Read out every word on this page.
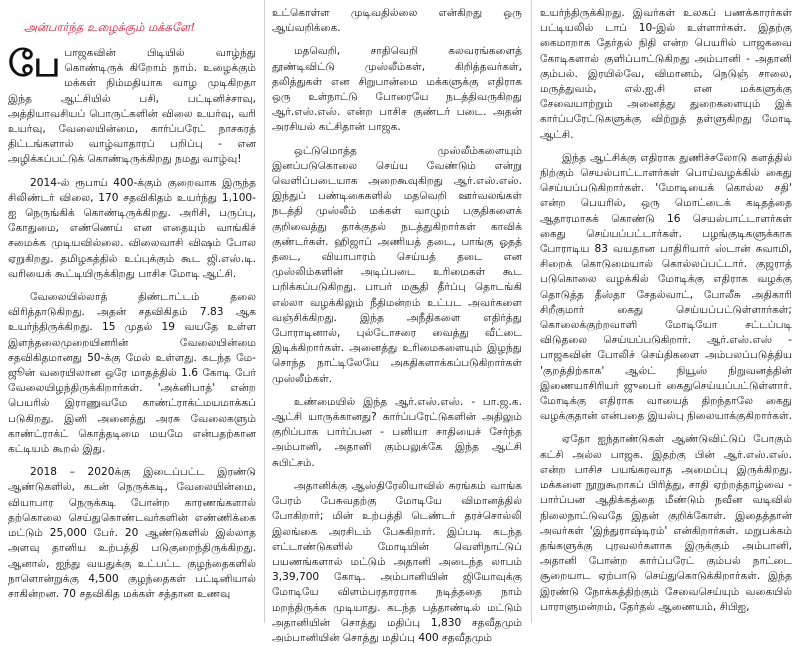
அன்பார்ந்த உழைக்கும் மக்களே!

பேபாஜகவின் பிடியில் வாழ்ந்து கொண்டிருக் கிறோம் நாம். உழைக்கும் மக்கள் நிம்மதியாக வாழ முடிகிறதா இந்த ஆட்சியில் பசி, பட்டினிச்சாவு, அத்தியாவசியப் பொருட்களின் விலை உயர்வு, வரி உயர்வு, வேலையின்மை, கார்ப்பரேட் நாசகரத் திட்டங்களால் வாழ்வாதாரப் பறிப்பு - என அழிக்கப்பட்டுக் கொண்டிருக்கிறது நமது வாழ்வு!

2014-ல் ரூபாய் 400-க்கும் குறைவாக இருந்த சிலிண்டர் விலை, 170 சதவிகிதம் உயர்ந்து 1,100-ஐ நெருங்கிக் கொண்டிருக்கிறது. அரிசி, பருப்பு, கோதுமை, எண்ணெய் என எதையும் வாங்கிச் சமைக்க முடியவில்லை. விலைவாசி விஷம் போல ஏறுகிறது. தமிழகத்தில் உப்புக்கும் கூட ஜி.எஸ்.டி. வரியைக் கூட்டியிருக்கிறது பாசிச மோடி ஆட்சி.

வேலையில்லாத் திண்டாட்டம் தலை விரித்தாடுகிறது. அதன் சதவிகிதம் 7.83 ஆக உயர்ந்திருக்கிறது. 15 முதல் 19 வயதே உள்ள இளந்தலைமுறையினரின் வேலையின்மை சதவிகிதமானது 50-க்கு மேல் உள்ளது. கடந்த மே-ஜூன் வரையிலான ஒரே மாதத்தில் 1.6 கோடி பேர் வேலையிழந்திருக்கிறார்கள். 'அக்னிபாத்' என்ற பெயரில் இராணுவமே காண்ட்ராக்ட்மயமாக்கப் படுகிறது. இனி அனைத்து அரசு வேலைகளும் காண்ட்ராக்ட் கொத்தடிமை மயமே என்பதற்கான கட்டியம் கூறல் இது.

2018 – 2020க்கு இடைப்பட்ட இரண்டு ஆண்டுகளில், கடன் நெருக்கடி, வேலையின்மை, வியாபார நெருக்கடி போன்ற காரணங்களால் தற்கொலை செய்துகொண்டவர்களின் எண்ணிக்கை மட்டும் 25,000 பேர். 20 ஆண்டுகளில் இல்லாத அளவு தானிய உற்பத்தி படுகுறைந்திருக்கிறது. ஆனால், ஐந்து வயதுக்கு உட்பட்ட குழந்தைகளில் நாளொன்றுக்கு 4,500 குழந்தைகள் பட்டினியால் சாகின்றன. 70 சதவிகித மக்கள் சத்தான உணவு

உட்கொள்ள முடிவதில்லை என்கிறது ஒரு ஆய்வறிக்கை.

மதவெறி, சாதிவெறி கலவரங்களைத் தூண்டிவிட்டு முஸ்லீம்கள், கிறித்தவர்கள், தலித்துகள் என சிறுபான்மை மக்களுக்கு எதிராக ஒரு உள்நாட்டு போரையே நடத்திவருகிறது ஆர்.எஸ்.எஸ். என்ற பாசிச குண்டர் படை. அதன் அரசியல் கட்சிதான் பாஜக.

ஒட்டுமொத்த முஸ்லீம்களையும் இனப்படுகொலை செய்ய வேண்டும் என்று வெளிப்படையாக அறைகூவுகிறது ஆர்.எஸ்.எஸ். இந்துப் பண்டிகைகளில் மதவெறி ஊர்வலங்கள் நடத்தி முஸ்லீம் மக்கள் வாழும் பகுதிகளைக் குறிவைத்து தாக்குதல் நடத்துகிறார்கள் காவிக் குண்டர்கள். ஹிஜாப் அணியத் தடை, பாங்கு ஓதத் தடை, வியாபாரம் செய்யத் தடை என முஸ்லிம்களின் அடிப்படை உரிமைகள் கூட பறிக்கப்படுகிறது. பாபர் மசூதி தீர்ப்பு தொடங்கி எல்லா வழக்கிலும் நீதிமன்றம் உட்பட அவர்களை வஞ்சிக்கிறது. இந்த அநீதிகளை எதிர்த்து போராடினால், புல்டோசரை வைத்து வீட்டை இடிக்கிறார்கள். அனைத்து உரிமைகளையும் இழந்து சொந்த நாட்டிலேயே அகதிகளாக்கப்படுகிறார்கள் முஸ்லீம்கள்.

உண்மையில் இந்த ஆர்.எஸ்.எஸ். - பா.ஜ.க. ஆட்சி யாருக்கானது? கார்ப்பரேட்டுகளின் அதிலும் குறிப்பாக பார்ப்பன - பனியா சாதியைச் சேர்ந்த அம்பானி, அதானி கும்பலுக்கே இந்த ஆட்சி சுபிட்சம்.

அதானிக்கு ஆஸ்திரேலியாவில் சுரங்கம் வாங்க பேரம் பேசுவதற்கு மோடியே விமானத்தில் போகிறார்; மின் உற்பத்தி டெண்டர் தரச்சொல்லி இலங்கை அரசிடம் பேசுகிறார். இப்படி கடந்த எட்டாண்டுகளில் மோடியின் வெளிநாட்டுப் பயணங்களால் மட்டும் அதானி அடைந்த லாபம் 3,39,700 கோடி. அம்பானியின் ஜியோவுக்கு மோடியே விளம்பரதாரராக நடித்ததை நாம் மறந்திருக்க முடியாது. கடந்த பத்தாண்டில் மட்டும் அதானியின் சொத்து மதிப்பு 1,830 சதவீதமும் அம்பானியின் சொத்து மதிப்பு 400 சதவீதமும்

உயர்ந்திருக்கிறது. இவர்கள் உலகப் பணக்காரர்கள் பட்டியலில் டாப் 10-இல் உள்ளார்கள். இதற்கு கைமாறாக தேர்தல் நிதி என்ற பெயரில் பாஜகவை கோடிகளால் குளிப்பாட்டுகிறது அம்பானி - அதானி கும்பல். இரயில்வே, விமானம், நெடுஞ் சாலை, மருத்துவம், எல்.ஐ.சி என மக்களுக்கு சேவையாற்றும் அனைத்து துறைகளையும் இக் கார்ப்பரேட்டுகளுக்கு விற்றுத் தள்ளுகிறது மோடி ஆட்சி.

இந்த ஆட்சிக்கு எதிராக துணிச்சலோடு களத்தில் நிற்கும் செயல்பாட்டாளர்கள் பொய்வழக்கில் கைது செய்யப்படுகிறார்கள். 'மோடியைக் கொல்ல சதி' என்ற பெயரில், ஒரு மொட்டைக் கடிதத்தை ஆதாரமாகக் கொண்டு 16 செயல்பாட்டாளர்கள் கைது செய்யப்பட்டார்கள். பழங்குடிகளுக்காக போராடிய 83 வயதான பாதிரியார் ஸ்டான் சுவாமி, சிறைக் கொடுமையால் கொல்லப்பட்டார். குஜராத் படுகொலை வழக்கில் மோடிக்கு எதிராக வழக்கு தொடுத்த தீஸ்தா சேதல்வாட், போலீசு அதிகாரி சிறீகுமார் கைது செய்யப்பட்டுள்ளார்கள்; கொலைக்குற்றவாளி மோடியோ சட்டப்படி விடுதலை செய்யப்படுகிறார். ஆர்.எஸ்.எஸ் - பாஜகவின் போலிச் செய்திகளை அம்பலப்படுத்திய 'குறத்திற்காக' ஆல்ட் நியூஸ் நிறுவனத்தின் இணையாசிரியர் ஜுபைர் கைதுசெய்யப்பட்டுள்ளார். மோடிக்கு எதிராக வாயைத் திறந்தாலே கைது வழக்குதான் என்பதை இயல்பு நிலையாக்குகிறார்கள்.

ஏதோ ஐந்தாண்டுகள் ஆண்டுவிட்டுப் போகும் கட்சி அல்ல பாஜக. இதற்கு பின் ஆர்.எஸ்.எஸ். என்ற பாசிச பயங்கரவாத அமைப்பு இருக்கிறது. மக்களை நூறுகூறாகப் பிரித்து, சாதி ஏற்றத்தாழ்வை - பார்ப்பன ஆதிக்கத்தை மீண்டும் நவீன வடிவில் நிலைநாட்டுவதே இதன் குறிக்கோள். இதைத்தான் அவர்கள் 'இந்துராஷ்டிரம்' என்கிறார்கள். மறுபக்கம் தங்களுக்கு புரவலர்களாக இருக்கும் அம்பானி, அதானி போன்ற கார்ப்பரேட் கும்பல் நாட்டை சூறையாட ஏற்பாடு செய்துகொடுக்கிறார்கள். இந்த இரண்டு நோக்கத்திற்கும் சேவைசெய்யும் வகையில் பாராளுமன்றம், தேர்தல் ஆணையம், சிபிஐ,
